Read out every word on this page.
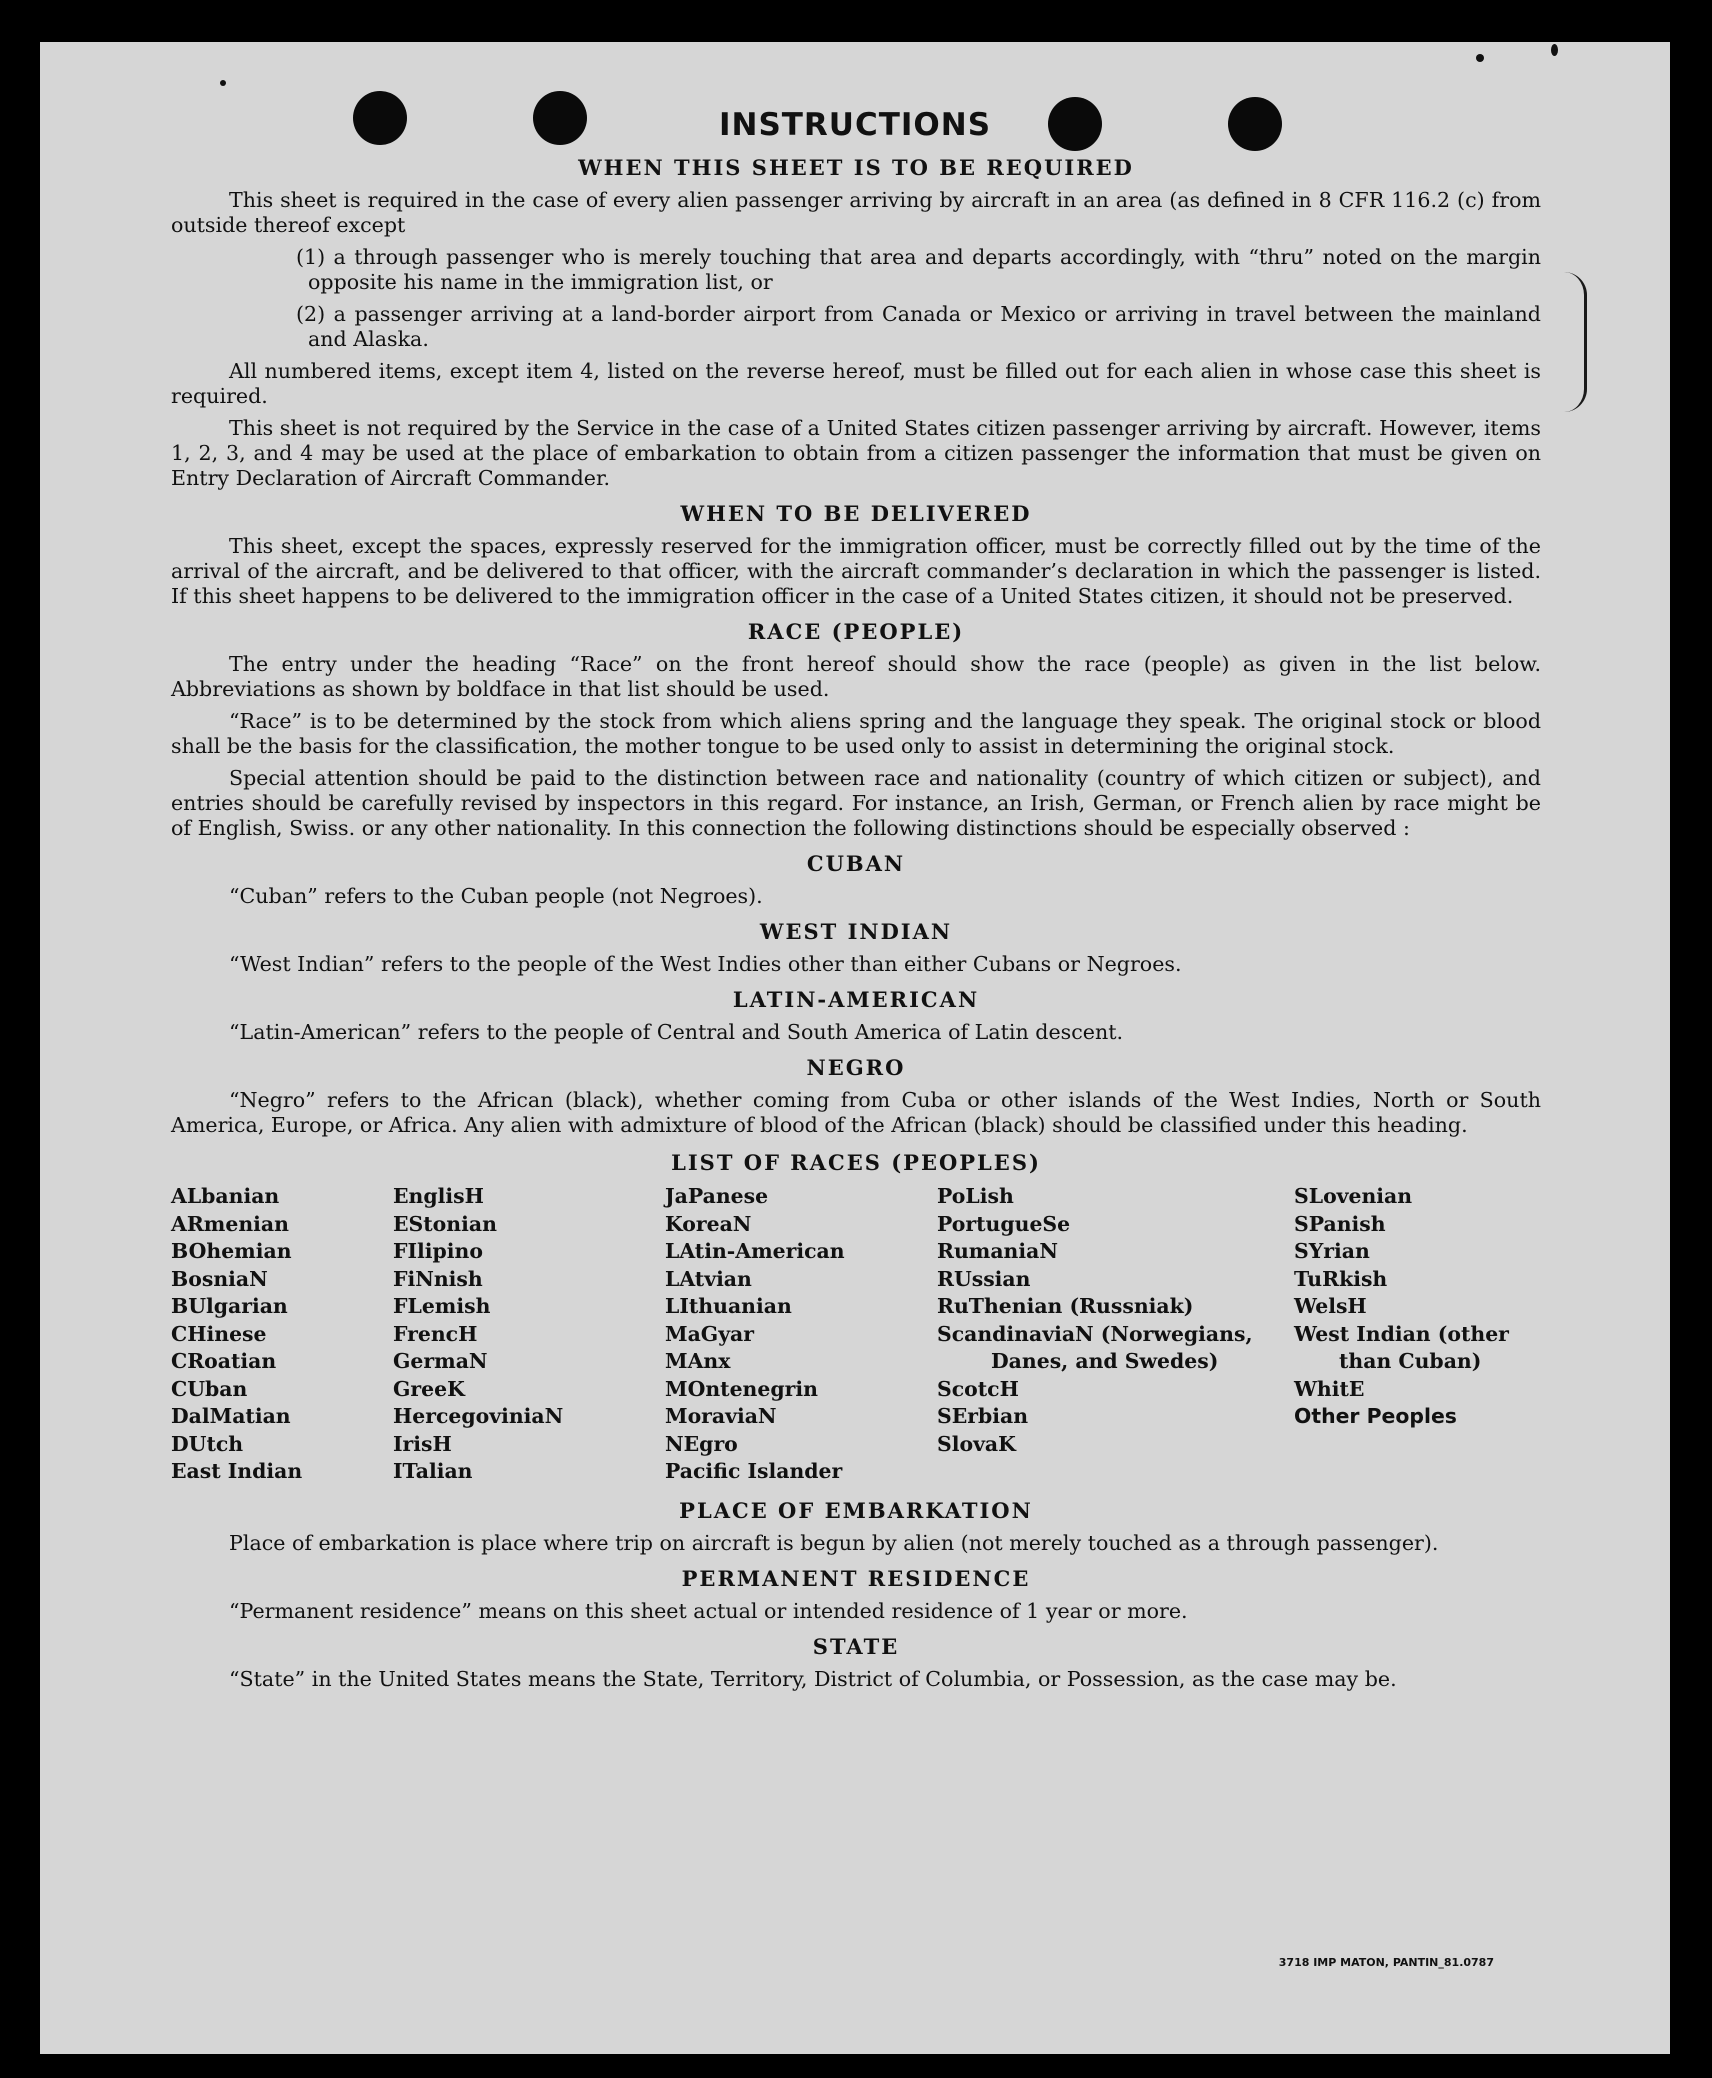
INSTRUCTIONS
WHEN THIS SHEET IS TO BE REQUIRED

This sheet is required in the case of every alien passenger arriving by aircraft in an area (as defined in 8 CFR 116.2 (c) from outside thereof except

(1) a through passenger who is merely touching that area and departs accordingly, with “thru” noted on the margin opposite his name in the immigration list, or

(2) a passenger arriving at a land-border airport from Canada or Mexico or arriving in travel between the mainland and Alaska.

All numbered items, except item 4, listed on the reverse hereof, must be filled out for each alien in whose case this sheet is required.

This sheet is not required by the Service in the case of a United States citizen passenger arriving by aircraft. However, items 1, 2, 3, and 4 may be used at the place of embarkation to obtain from a citizen passenger the information that must be given on Entry Declaration of Aircraft Commander.

WHEN TO BE DELIVERED

This sheet, except the spaces, expressly reserved for the immigration officer, must be correctly filled out by the time of the arrival of the aircraft, and be delivered to that officer, with the aircraft commander’s declaration in which the passenger is listed. If this sheet happens to be delivered to the immigration officer in the case of a United States citizen, it should not be preserved.

RACE (PEOPLE)

The entry under the heading “Race” on the front hereof should show the race (people) as given in the list below. Abbreviations as shown by boldface in that list should be used.

“Race” is to be determined by the stock from which aliens spring and the language they speak. The original stock or blood shall be the basis for the classification, the mother tongue to be used only to assist in determining the original stock.

Special attention should be paid to the distinction between race and nationality (country of which citizen or subject), and entries should be carefully revised by inspectors in this regard. For instance, an Irish, German, or French alien by race might be of English, Swiss. or any other nationality. In this connection the following distinctions should be especially observed :

CUBAN

“Cuban” refers to the Cuban people (not Negroes).

WEST INDIAN

“West Indian” refers to the people of the West Indies other than either Cubans or Negroes.

LATIN-AMERICAN

“Latin-American” refers to the people of Central and South America of Latin descent.

NEGRO

“Negro” refers to the African (black), whether coming from Cuba or other islands of the West Indies, North or South America, Europe, or Africa. Any alien with admixture of blood of the African (black) should be classified under this heading.

LIST OF RACES (PEOPLES)
ALbanian
ARmenian
BOhemian
BosniaN
BUlgarian
CHinese
CRoatian
CUban
DalMatian
DUtch
East Indian
EnglisH
EStonian
FIlipino
FiNnish
FLemish
FrencH
GermaN
GreeK
HercegoviniaN
IrisH
ITalian
JaPanese
KoreaN
LAtin-American
LAtvian
LIthuanian
MaGyar
MAnx
MOntenegrin
MoraviaN
NEgro
Pacific Islander
PoLish
PortugueSe
RumaniaN
RUssian
RuThenian (Russniak)
ScandinaviaN (Norwegians, Danes, and Swedes)
ScotcH
SErbian
SlovaK
SLovenian
SPanish
SYrian
TuRkish
WelsH
West Indian (other than Cuban)
WhitE
Other Peoples
PLACE OF EMBARKATION

Place of embarkation is place where trip on aircraft is begun by alien (not merely touched as a through passenger).

PERMANENT RESIDENCE

“Permanent residence” means on this sheet actual or intended residence of 1 year or more.

STATE

“State” in the United States means the State, Territory, District of Columbia, or Possession, as the case may be.

3718 IMP MATON, PANTIN_81.0787
